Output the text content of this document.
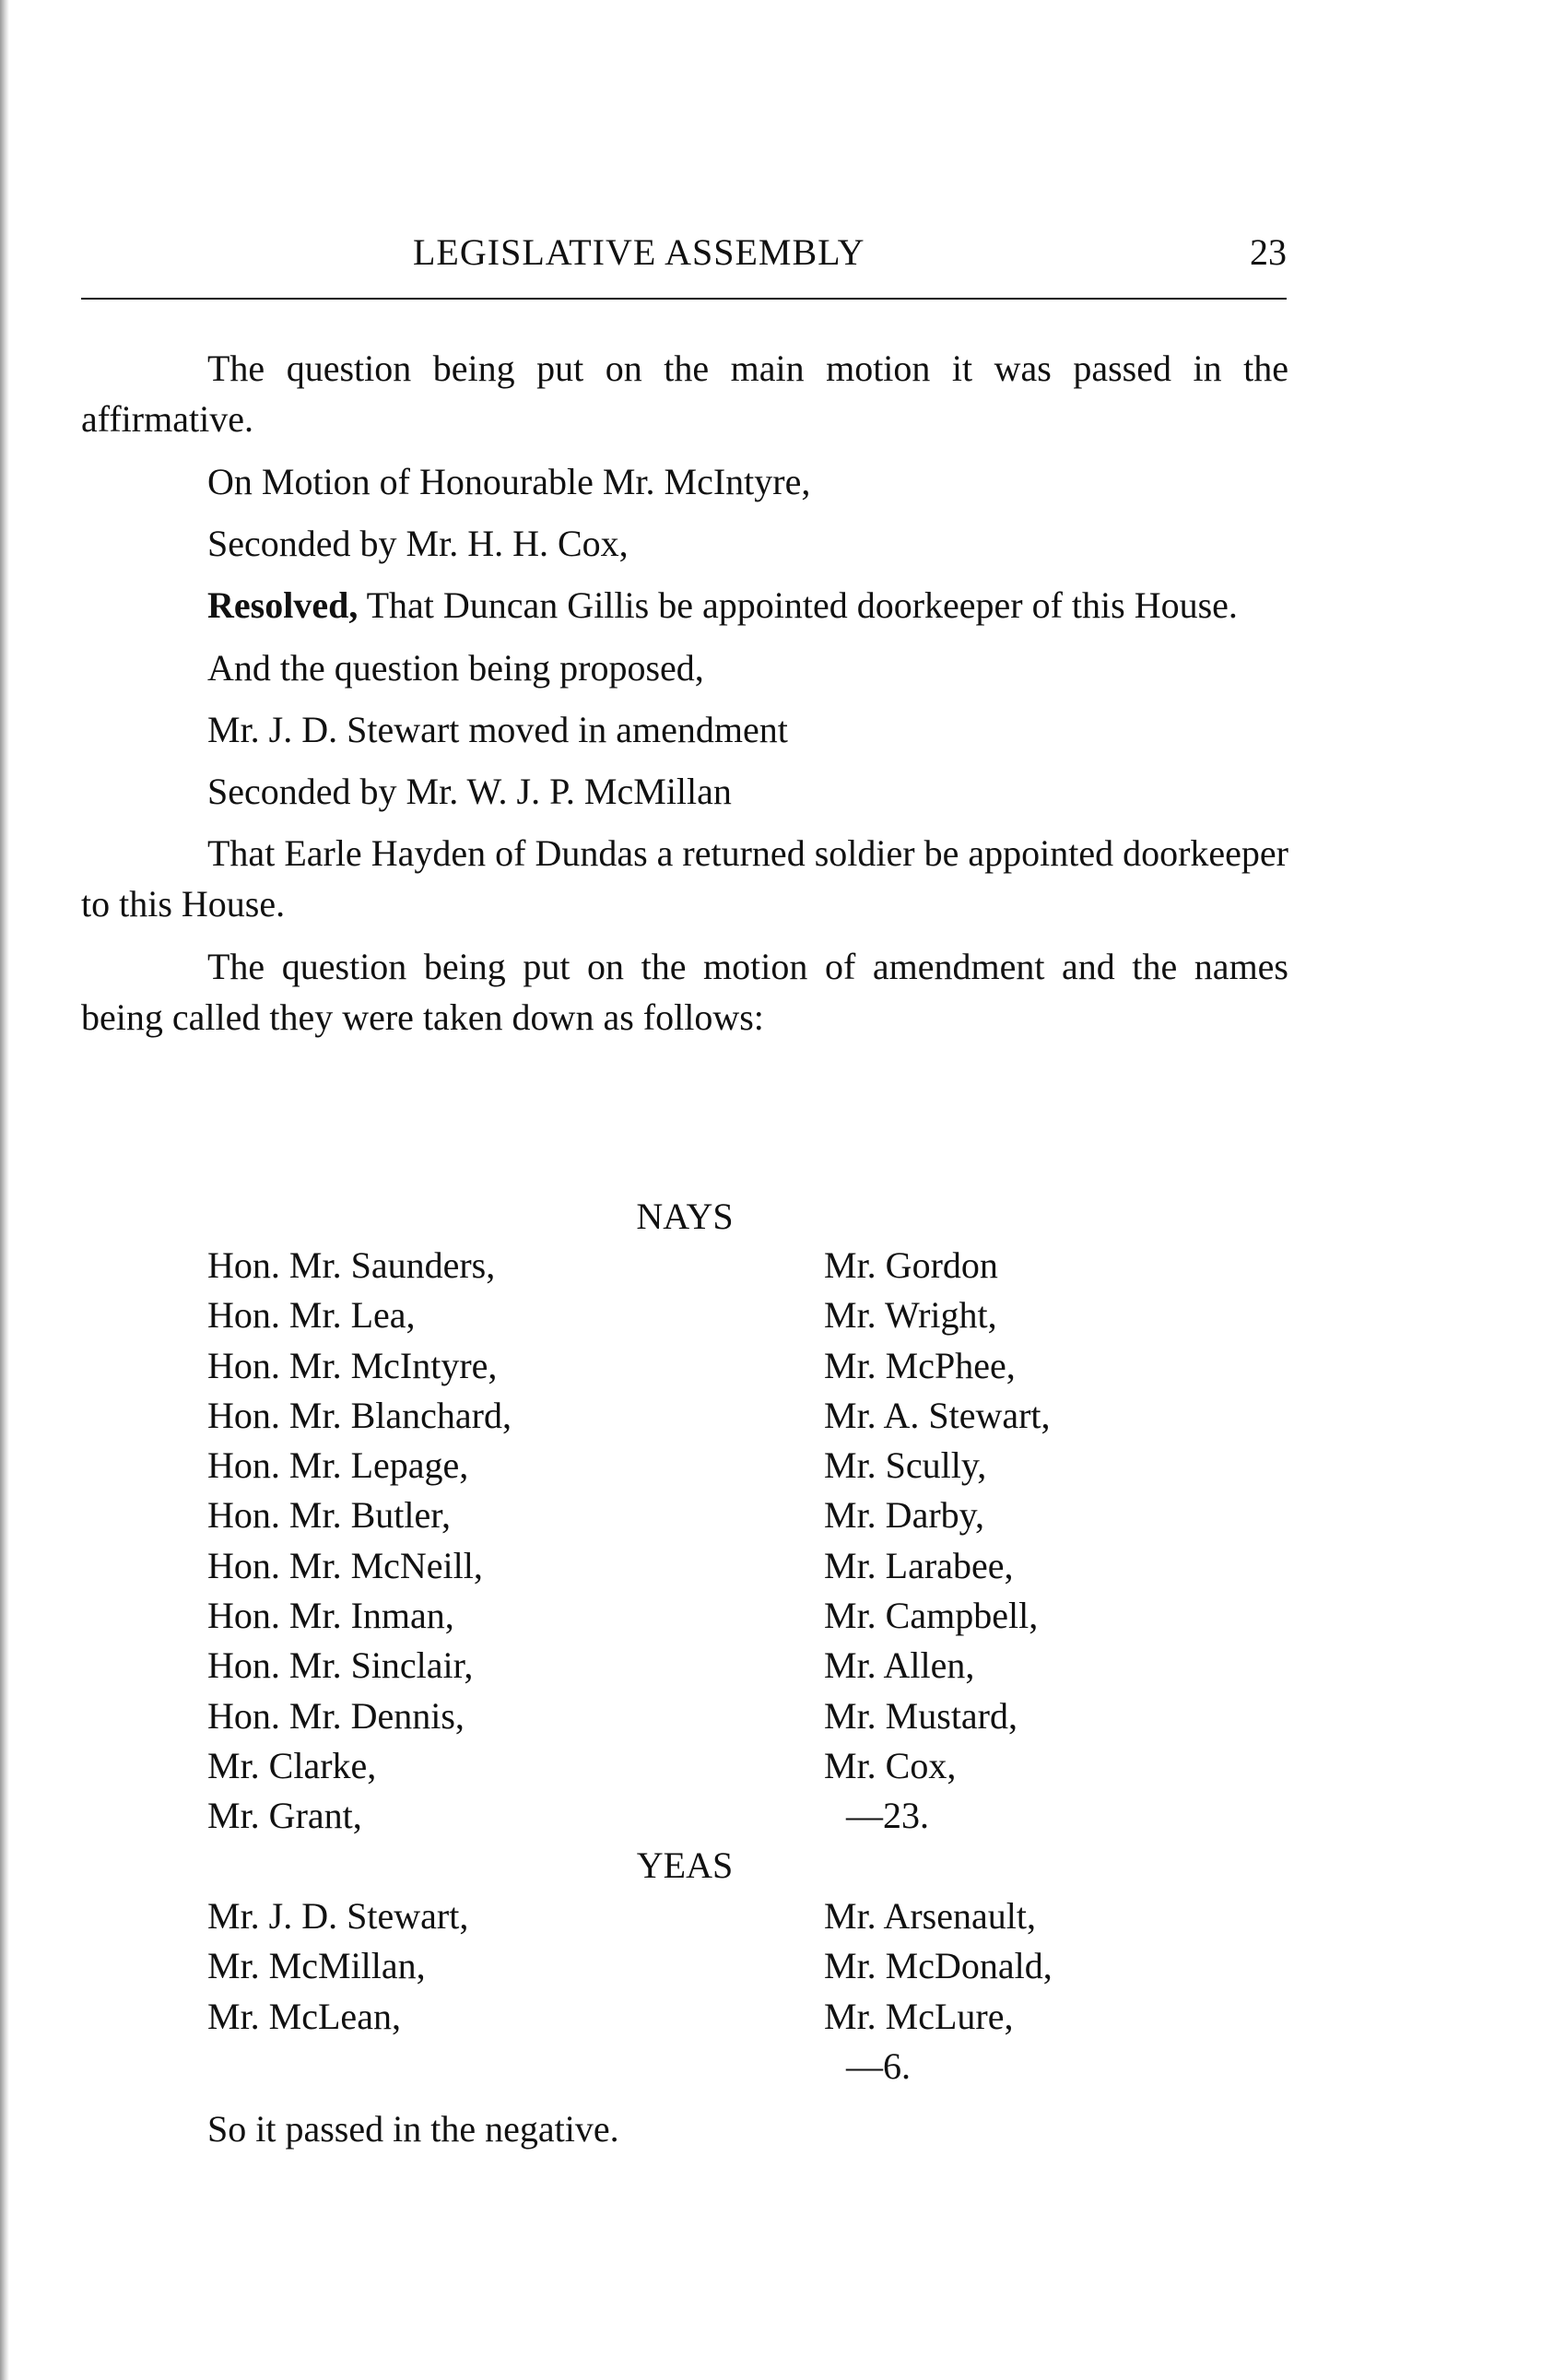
LEGISLATIVE ASSEMBLY	23

The question being put on the main motion it was passed in the affirmative.

On Motion of Honourable Mr. McIntyre,

Seconded by Mr. H. H. Cox,

Resolved, That Duncan Gillis be appointed doorkeeper of this House.

And the question being proposed,

Mr. J. D. Stewart moved in amendment

Seconded by Mr. W. J. P. McMillan

That Earle Hayden of Dundas a returned soldier be appointed doorkeeper to this House.

The question being put on the motion of amendment and the names being called they were taken down as follows:

NAYS
Hon. Mr. Saunders,
Hon. Mr. Lea,
Hon. Mr. McIntyre,
Hon. Mr. Blanchard,
Hon. Mr. Lepage,
Hon. Mr. Butler,
Hon. Mr. McNeill,
Hon. Mr. Inman,
Hon. Mr. Sinclair,
Hon. Mr. Dennis,
Mr. Clarke,
Mr. Grant,
Mr. Gordon
Mr. Wright,
Mr. McPhee,
Mr. A. Stewart,
Mr. Scully,
Mr. Darby,
Mr. Larabee,
Mr. Campbell,
Mr. Allen,
Mr. Mustard,
Mr. Cox,
—23.
YEAS
Mr. J. D. Stewart,
Mr. McMillan,
Mr. McLean,
Mr. Arsenault,
Mr. McDonald,
Mr. McLure,
—6.
So it passed in the negative.
